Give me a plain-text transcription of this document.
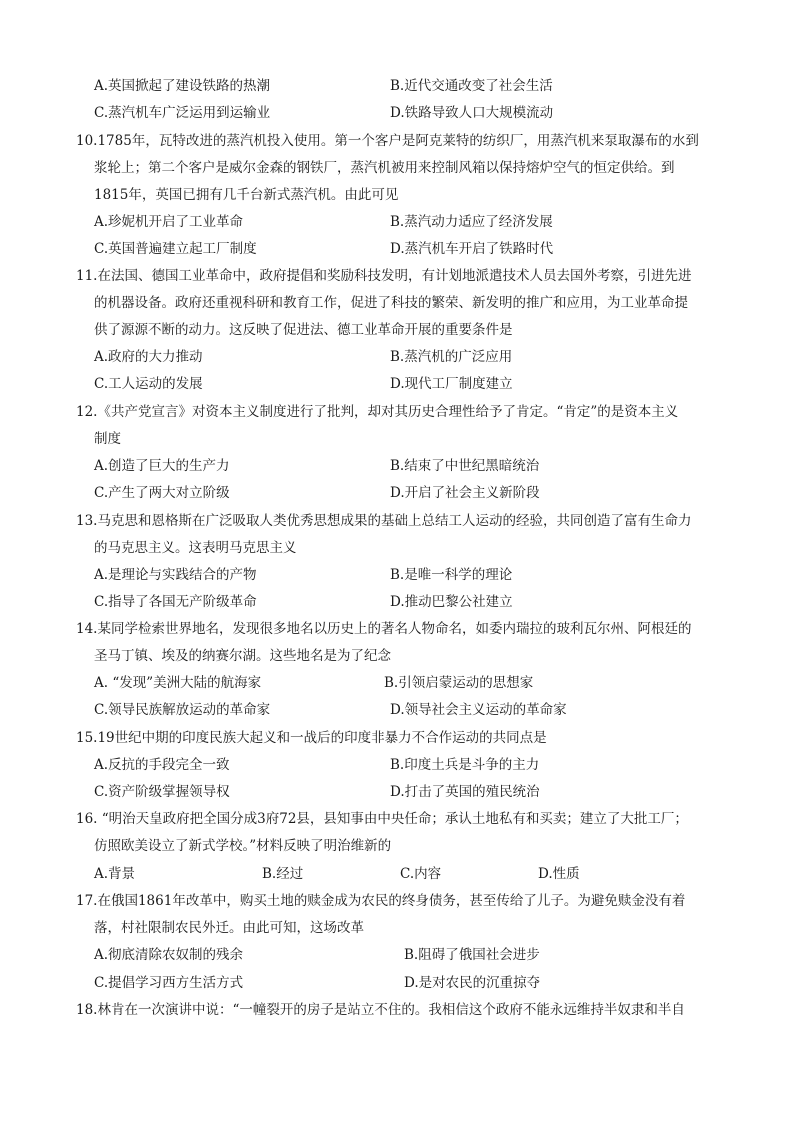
A.英国掀起了建设铁路的热潮	B.近代交通改变了社会生活
C.蒸汽机车广泛运用到运输业	D.铁路导致人口大规模流动
10.1785年，瓦特改进的蒸汽机投入使用。第一个客户是阿克莱特的纺织厂，用蒸汽机来泵取瀑布的水到
浆轮上；第二个客户是威尔金森的钢铁厂，蒸汽机被用来控制风箱以保持熔炉空气的恒定供给。到
1815年，英国已拥有几千台新式蒸汽机。由此可见
A.珍妮机开启了工业革命	B.蒸汽动力适应了经济发展
C.英国普遍建立起工厂制度	D.蒸汽机车开启了铁路时代
11.在法国、德国工业革命中，政府提倡和奖励科技发明，有计划地派遣技术人员去国外考察，引进先进
的机器设备。政府还重视科研和教育工作，促进了科技的繁荣、新发明的推广和应用，为工业革命提
供了源源不断的动力。这反映了促进法、德工业革命开展的重要条件是
A.政府的大力推动	B.蒸汽机的广泛应用
C.工人运动的发展	D.现代工厂制度建立
12.《共产党宣言》对资本主义制度进行了批判，却对其历史合理性给予了肯定。“肯定”的是资本主义
制度
A.创造了巨大的生产力	B.结束了中世纪黑暗统治
C.产生了两大对立阶级	D.开启了社会主义新阶段
13.马克思和恩格斯在广泛吸取人类优秀思想成果的基础上总结工人运动的经验，共同创造了富有生命力
的马克思主义。这表明马克思主义
A.是理论与实践结合的产物	B.是唯一科学的理论
C.指导了各国无产阶级革命	D.推动巴黎公社建立
14.某同学检索世界地名，发现很多地名以历史上的著名人物命名，如委内瑞拉的玻利瓦尔州、阿根廷的
圣马丁镇、埃及的纳赛尔湖。这些地名是为了纪念
A. “发现”美洲大陆的航海家	B.引领启蒙运动的思想家
C.领导民族解放运动的革命家	D.领导社会主义运动的革命家
15.19世纪中期的印度民族大起义和一战后的印度非暴力不合作运动的共同点是
A.反抗的手段完全一致	B.印度土兵是斗争的主力
C.资产阶级掌握领导权	D.打击了英国的殖民统治
16. “明治天皇政府把全国分成3府72县，县知事由中央任命；承认土地私有和买卖；建立了大批工厂；
仿照欧美设立了新式学校。”材料反映了明治维新的
A.背景	B.经过	C.内容	D.性质
17.在俄国1861年改革中，购买土地的赎金成为农民的终身债务，甚至传给了儿子。为避免赎金没有着
落，村社限制农民外迁。由此可知，这场改革
A.彻底清除农奴制的残余	B.阻碍了俄国社会进步
C.提倡学习西方生活方式	D.是对农民的沉重掠夺
18.林肯在一次演讲中说：“一幢裂开的房子是站立不住的。我相信这个政府不能永远维持半奴隶和半自
